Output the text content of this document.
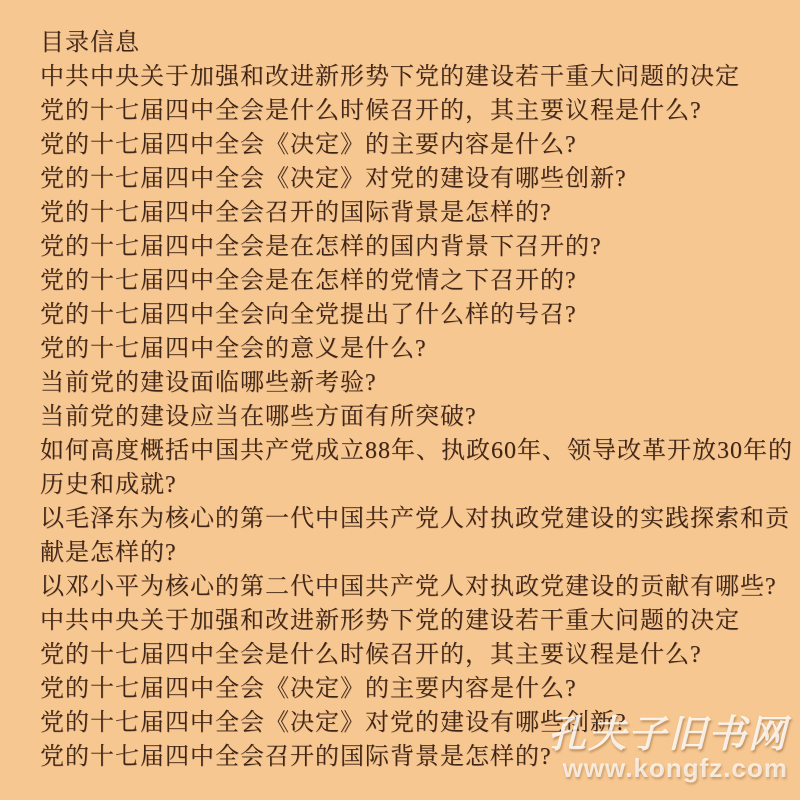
目录信息
中共中央关于加强和改进新形势下党的建设若干重大问题的决定
党的十七届四中全会是什么时候召开的，其主要议程是什么?
党的十七届四中全会《决定》的主要内容是什么?
党的十七届四中全会《决定》对党的建设有哪些创新?
党的十七届四中全会召开的国际背景是怎样的?
党的十七届四中全会是在怎样的国内背景下召开的?
党的十七届四中全会是在怎样的党情之下召开的?
党的十七届四中全会向全党提出了什么样的号召?
党的十七届四中全会的意义是什么?
当前党的建设面临哪些新考验?
当前党的建设应当在哪些方面有所突破?
如何高度概括中国共产党成立88年、执政60年、领导改革开放30年的
历史和成就?
以毛泽东为核心的第一代中国共产党人对执政党建设的实践探索和贡
献是怎样的?
以邓小平为核心的第二代中国共产党人对执政党建设的贡献有哪些?
中共中央关于加强和改进新形势下党的建设若干重大问题的决定
党的十七届四中全会是什么时候召开的，其主要议程是什么?
党的十七届四中全会《决定》的主要内容是什么?
党的十七届四中全会《决定》对党的建设有哪些创新?
党的十七届四中全会召开的国际背景是怎样的?
孔夫子旧书网
www.kongfz.com
